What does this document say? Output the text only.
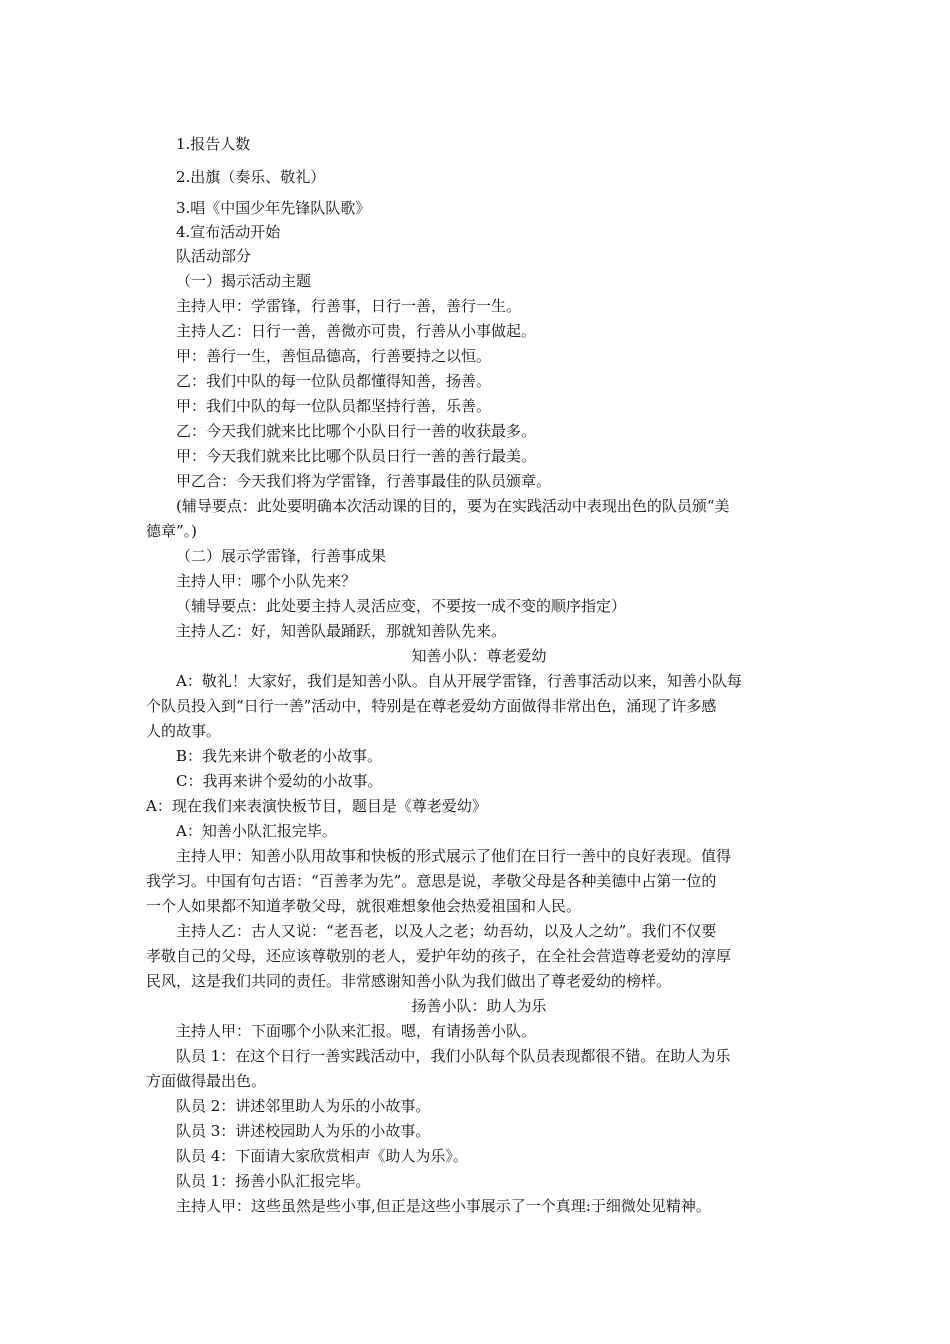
1.报告人数
2.出旗（奏乐、敬礼）
3.唱《中国少年先锋队队歌》
4.宣布活动开始
队活动部分
（一）揭示活动主题
主持人甲：学雷锋，行善事，日行一善，善行一生。
主持人乙：日行一善，善微亦可贵，行善从小事做起。
甲：善行一生，善恒品德高，行善要持之以恒。
乙：我们中队的每一位队员都懂得知善，扬善。
甲：我们中队的每一位队员都坚持行善，乐善。
乙：今天我们就来比比哪个小队日行一善的收获最多。
甲：今天我们就来比比哪个队员日行一善的善行最美。
甲乙合：今天我们将为学雷锋，行善事最佳的队员颁章。
(辅导要点：此处要明确本次活动课的目的，要为在实践活动中表现出色的队员颁“美
德章”。)
（二）展示学雷锋，行善事成果
主持人甲：哪个小队先来？
（辅导要点：此处要主持人灵活应变，不要按一成不变的顺序指定）
主持人乙：好，知善队最踊跃，那就知善队先来。
知善小队：尊老爱幼
A：敬礼！大家好，我们是知善小队。自从开展学雷锋，行善事活动以来，知善小队每
个队员投入到“日行一善”活动中，特别是在尊老爱幼方面做得非常出色，涌现了许多感
人的故事。
B：我先来讲个敬老的小故事。
C：我再来讲个爱幼的小故事。
A：现在我们来表演快板节目，题目是《尊老爱幼》
A：知善小队汇报完毕。
主持人甲：知善小队用故事和快板的形式展示了他们在日行一善中的良好表现。值得
我学习。中国有句古语：“百善孝为先”。意思是说，孝敬父母是各种美德中占第一位的
一个人如果都不知道孝敬父母，就很难想象他会热爱祖国和人民。
主持人乙：古人又说：“老吾老，以及人之老；幼吾幼，以及人之幼”。我们不仅要
孝敬自己的父母，还应该尊敬别的老人，爱护年幼的孩子，在全社会营造尊老爱幼的淳厚
民风，这是我们共同的责任。非常感谢知善小队为我们做出了尊老爱幼的榜样。
扬善小队：助人为乐
主持人甲：下面哪个小队来汇报。嗯，有请扬善小队。
队员 1：在这个日行一善实践活动中，我们小队每个队员表现都很不错。在助人为乐
方面做得最出色。
队员 2：讲述邻里助人为乐的小故事。
队员 3：讲述校园助人为乐的小故事。
队员 4：下面请大家欣赏相声《助人为乐》。
队员 1：扬善小队汇报完毕。
主持人甲：这些虽然是些小事,但正是这些小事展示了一个真理:于细微处见精神。
